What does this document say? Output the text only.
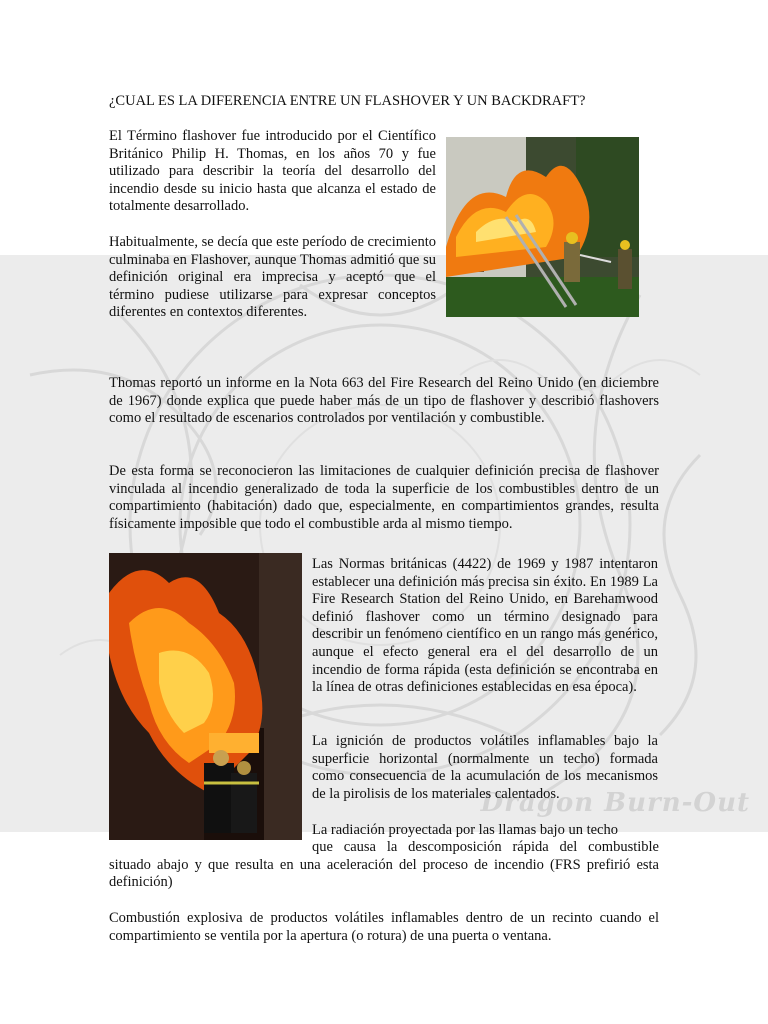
Dragon Burn-Out
¿CUAL ES LA DIFERENCIA ENTRE UN FLASHOVER Y UN BACKDRAFT?

El Término flashover fue introducido por el Científico Británico Philip H. Thomas, en los años 70 y fue utilizado para describir la teoría del desarrollo del incendio desde su inicio hasta que alcanza el estado de totalmente desarrollado.

Habitualmente, se decía que este período de crecimiento culminaba en Flashover, aunque Thomas admitió que su definición original era imprecisa y aceptó que el término pudiese utilizarse para expresar conceptos diferentes en contextos diferentes.

Thomas reportó un informe en la Nota 663 del Fire Research del Reino Unido (en diciembre de 1967) donde explica que puede haber más de un tipo de flashover y describió flashovers como el resultado de escenarios controlados por ventilación y combustible.

De esta forma se reconocieron las limitaciones de cualquier definición precisa de flashover vinculada al incendio generalizado de toda la superficie de los combustibles dentro de un compartimiento (habitación) dado que, especialmente, en compartimientos grandes, resulta físicamente imposible que todo el combustible arda al mismo tiempo.

Las Normas británicas (4422) de 1969 y 1987 intentaron establecer una definición más precisa sin éxito. En 1989 La Fire Research Station del Reino Unido, en Barehamwood definió flashover como un término designado para describir un fenómeno científico en un rango más genérico, aunque el efecto general era el del desarrollo de un incendio de forma rápida (esta definición se encontraba en la línea de otras definiciones establecidas en esa época).

La ignición de productos volátiles inflamables bajo la superficie horizontal (normalmente un techo) formada como consecuencia de la acumulación de los mecanismos de la pirolisis de los materiales calentados.

La radiación proyectada por las llamas bajo un techo

que causa la descomposición rápida del combustible situado abajo y que resulta en una aceleración del proceso de incendio (FRS prefirió esta definición)

Combustión explosiva de productos volátiles inflamables dentro de un recinto cuando el compartimiento se ventila por la apertura (o rotura) de una puerta o ventana.
